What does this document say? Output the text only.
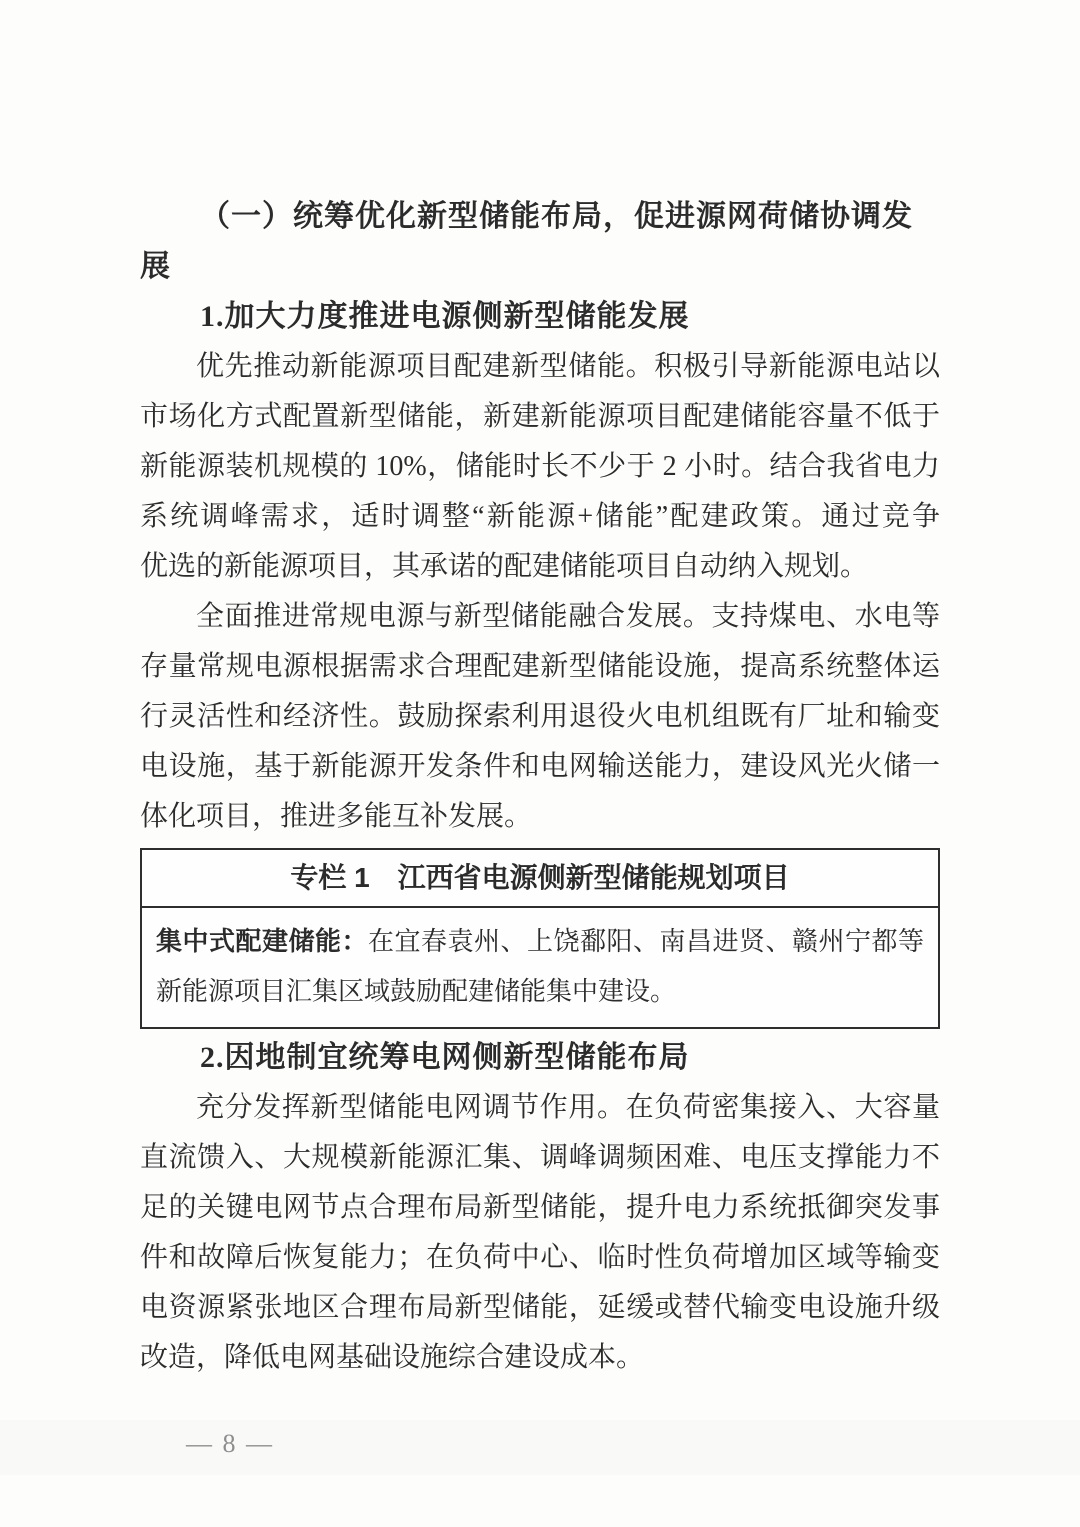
（一）统筹优化新型储能布局，促进源网荷储协调发展
1.加大力度推进电源侧新型储能发展
优先推动新能源项目配建新型储能。积极引导新能源电站以
市场化方式配置新型储能，新建新能源项目配建储能容量不低于
新能源装机规模的 10%，储能时长不少于 2 小时。结合我省电力
系统调峰需求，适时调整“新能源+储能”配建政策。通过竞争
优选的新能源项目，其承诺的配建储能项目自动纳入规划。
全面推进常规电源与新型储能融合发展。支持煤电、水电等
存量常规电源根据需求合理配建新型储能设施，提高系统整体运
行灵活性和经济性。鼓励探索利用退役火电机组既有厂址和输变
电设施，基于新能源开发条件和电网输送能力，建设风光火储一
体化项目，推进多能互补发展。
专栏 1　江西省电源侧新型储能规划项目
集中式配建储能：在宜春袁州、上饶鄱阳、南昌进贤、赣州宁都等
新能源项目汇集区域鼓励配建储能集中建设。
2.因地制宜统筹电网侧新型储能布局
充分发挥新型储能电网调节作用。在负荷密集接入、大容量
直流馈入、大规模新能源汇集、调峰调频困难、电压支撑能力不
足的关键电网节点合理布局新型储能，提升电力系统抵御突发事
件和故障后恢复能力；在负荷中心、临时性负荷增加区域等输变
电资源紧张地区合理布局新型储能，延缓或替代输变电设施升级
改造，降低电网基础设施综合建设成本。
— 8 —
